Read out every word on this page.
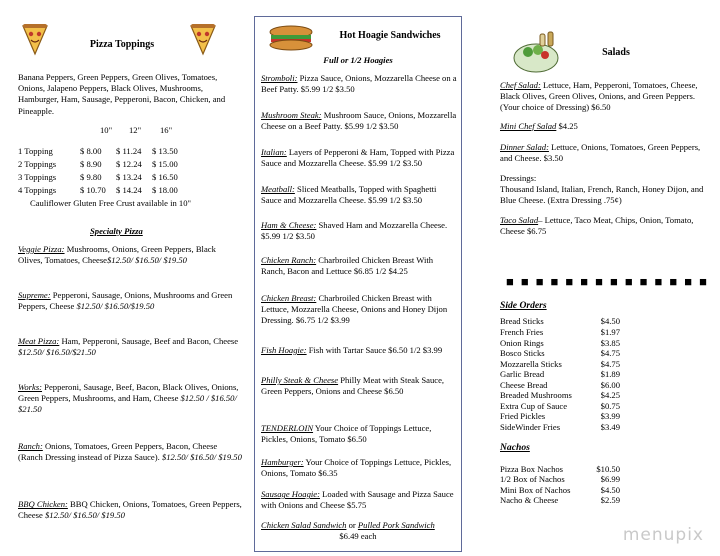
Pizza Toppings
Banana Peppers, Green Peppers, Green Olives, Tomatoes, Onions, Jalapeno Peppers, Black Olives, Mushrooms, Hamburger, Ham, Sausage, Pepperoni, Bacon, Chicken, and Pineapple.
10" 12" 16"
1 Topping	$ 8.00 $ 11.24 $ 13.50
2 Toppings	$ 8.90 $ 12.24 $ 15.00
3 Toppings	$ 9.80 $ 13.24 $ 16.50
4 Toppings	$ 10.70 $ 14.24 $ 18.00
Cauliflower Gluten Free Crust available in 10"
Specialty Pizza
Veggie Pizza: Mushrooms, Onions, Green Peppers, Black Olives, Tomatoes, Cheese$12.50/ $16.50/ $19.50
Supreme: Pepperoni, Sausage, Onions, Mushrooms and Green Peppers, Cheese $12.50/ $16.50/$19.50
Meat Pizza: Ham, Pepperoni, Sausage, Beef and Bacon, Cheese $12.50/ $16.50/$21.50
Works: Pepperoni, Sausage, Beef, Bacon, Black Olives, Onions, Green Peppers, Mushrooms, and Ham, Cheese $12.50 / $16.50/ $21.50
Ranch: Onions, Tomatoes, Green Peppers, Bacon, Cheese (Ranch Dressing instead of Pizza Sauce). $12.50/ $16.50/ $19.50
BBQ Chicken: BBQ Chicken, Onions, Tomatoes, Green Peppers, Cheese $12.50/ $16.50/ $19.50
Hot Hoagie Sandwiches
Full or 1/2 Hoagies
Stromboli: Pizza Sauce, Onions, Mozzarella Cheese on a Beef Patty. $5.99 1/2 $3.50
Mushroom Steak: Mushroom Sauce, Onions, Mozzarella Cheese on a Beef Patty. $5.99 1/2 $3.50
Italian: Layers of Pepperoni & Ham, Topped with Pizza Sauce and Mozzarella Cheese. $5.99 1/2 $3.50
Meatball: Sliced Meatballs, Topped with Spaghetti Sauce and Mozzarella Cheese. $5.99 1/2 $3.50
Ham & Cheese: Shaved Ham and Mozzarella Cheese. $5.99 1/2 $3.50
Chicken Ranch: Charbroiled Chicken Breast With Ranch, Bacon and Lettuce $6.85 1/2 $4.25
Chicken Breast: Charbroiled Chicken Breast with Lettuce, Mozzarella Cheese, Onions and Honey Dijon Dressing. $6.75 1/2 $3.99
Fish Hoagie: Fish with Tartar Sauce $6.50 1/2 $3.99
Philly Steak & Cheese Philly Meat with Steak Sauce, Green Peppers, Onions and Cheese $6.50
TENDERLOIN Your Choice of Toppings Lettuce, Pickles, Onions, Tomato $6.50
Hamburger: Your Choice of Toppings Lettuce, Pickles, Onions, Tomato $6.35
Sausage Hoagie: Loaded with Sausage and Pizza Sauce with Onions and Cheese $5.75
Chicken Salad Sandwich or Pulled Pork Sandwich
$6.49 each
Salads
Chef Salad: Lettuce, Ham, Pepperoni, Tomatoes, Cheese, Black Olives, Green Olives, Onions, and Green Peppers. (Your choice of Dressing) $6.50
Mini Chef Salad $4.25
Dinner Salad: Lettuce, Onions, Tomatoes, Green Peppers, and Cheese. $3.50
Dressings:
Thousand Island, Italian, French, Ranch, Honey Dijon, and Blue Cheese. (Extra Dressing .75¢)
Taco Salad– Lettuce, Taco Meat, Chips, Onion, Tomato, Cheese $6.75
■■■■■■■■■■■■■■
Side Orders
Bread Sticks	$4.50
French Fries	$1.97
Onion Rings	$3.85
Bosco Sticks	$4.75
Mozzarella Sticks	$4.75
Garlic Bread	$1.89
Cheese Bread	$6.00
Breaded Mushrooms	$4.25
Extra Cup of Sauce	$0.75
Fried Pickles	$3.99
SideWinder Fries	$3.49
Nachos
Pizza Box Nachos	$10.50
1/2 Box of Nachos	$6.99
Mini Box of Nachos	$4.50
Nacho & Cheese	$2.59
menupix
